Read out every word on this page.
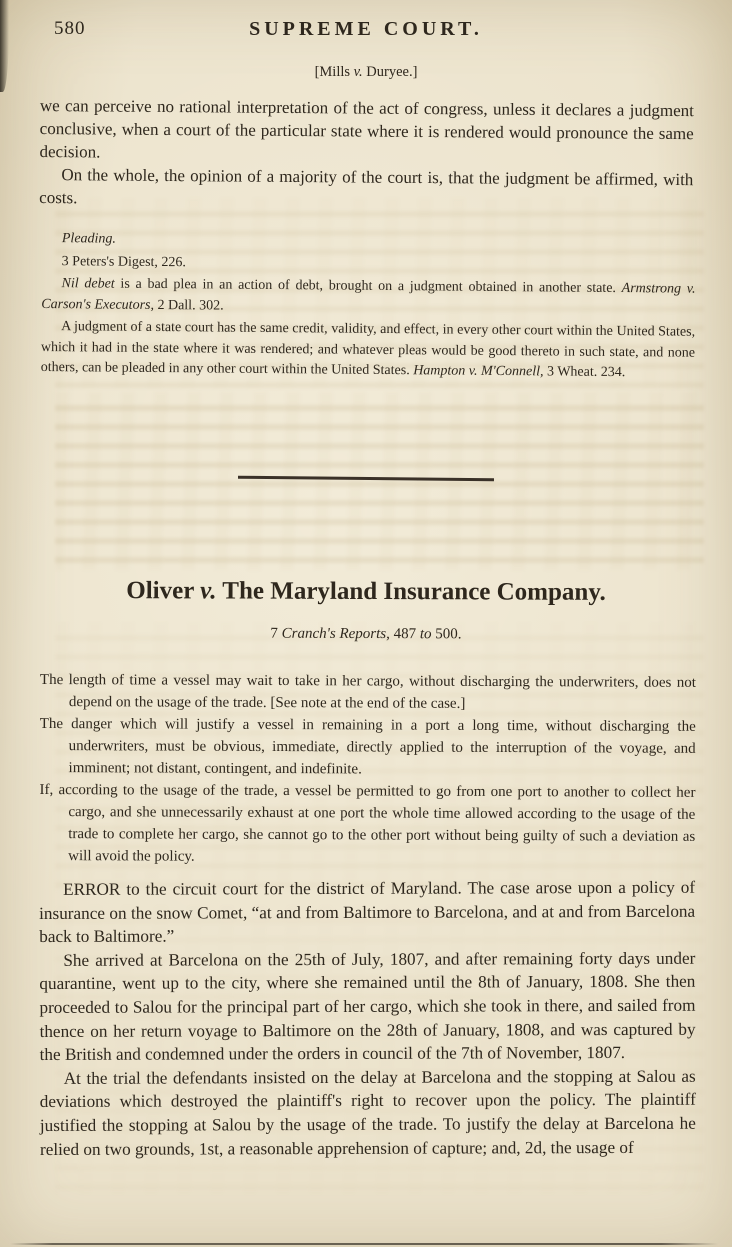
580	SUPREME COURT.
[Mills v. Duryee.]

we can perceive no rational interpretation of the act of congress, unless it declares a judgment conclusive, when a court of the particular state where it is rendered would pronounce the same decision.

On the whole, the opinion of a majority of the court is, that the judgment be affirmed, with costs.

Pleading.

3 Peters's Digest, 226.

Nil debet is a bad plea in an action of debt, brought on a judgment obtained in another state. Armstrong v. Carson's Executors, 2 Dall. 302.

A judgment of a state court has the same credit, validity, and effect, in every other court within the United States, which it had in the state where it was rendered; and whatever pleas would be good thereto in such state, and none others, can be pleaded in any other court within the United States. Hampton v. M'Connell, 3 Wheat. 234.

Oliver v. The Maryland Insurance Company.
7 Cranch's Reports, 487 to 500.

The length of time a vessel may wait to take in her cargo, without discharging the underwriters, does not depend on the usage of the trade. [See note at the end of the case.]

The danger which will justify a vessel in remaining in a port a long time, without discharging the underwriters, must be obvious, immediate, directly applied to the interruption of the voyage, and imminent; not distant, contingent, and indefinite.

If, according to the usage of the trade, a vessel be permitted to go from one port to another to collect her cargo, and she unnecessarily exhaust at one port the whole time allowed according to the usage of the trade to complete her cargo, she cannot go to the other port without being guilty of such a deviation as will avoid the policy.

ERROR to the circuit court for the district of Maryland. The case arose upon a policy of insurance on the snow Comet, “at and from Baltimore to Barcelona, and at and from Barcelona back to Baltimore.”

She arrived at Barcelona on the 25th of July, 1807, and after remaining forty days under quarantine, went up to the city, where she remained until the 8th of January, 1808. She then proceeded to Salou for the principal part of her cargo, which she took in there, and sailed from thence on her return voyage to Baltimore on the 28th of January, 1808, and was captured by the British and condemned under the orders in council of the 7th of November, 1807.

At the trial the defendants insisted on the delay at Barcelona and the stopping at Salou as deviations which destroyed the plaintiff's right to recover upon the policy. The plaintiff justified the stopping at Salou by the usage of the trade. To justify the delay at Barcelona he relied on two grounds, 1st, a reasonable apprehension of capture; and, 2d, the usage of
